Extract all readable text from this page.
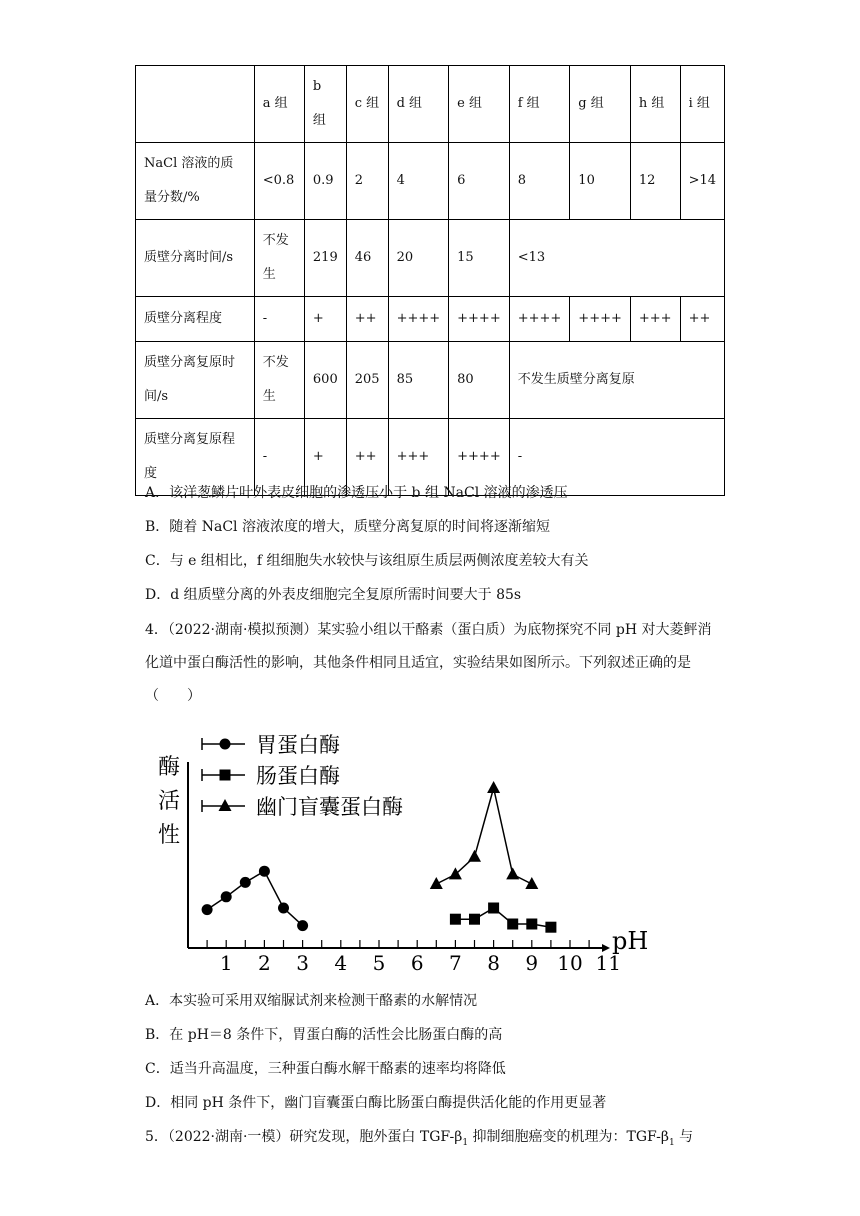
	a 组	b 组	c 组	d 组	e 组	f 组	g 组	h 组	i 组
NaCl 溶液的质量分数/%	<0.8	0.9	2	4	6	8	10	12	>14
质壁分离时间/s	不发生	219	46	20	15	<13			
质壁分离程度	-	+	++	++++	++++	++++	++++	+++	++
质壁分离复原时间/s	不发生	600	205	85	80	不发生质壁分离复原			
质壁分离复原程度	-	+	++	+++	++++	-			
A．该洋葱鳞片叶外表皮细胞的渗透压小于 b 组 NaCl 溶液的渗透压
B．随着 NaCl 溶液浓度的增大，质壁分离复原的时间将逐渐缩短
C．与 e 组相比，f 组细胞失水较快与该组原生质层两侧浓度差较大有关
D．d 组质壁分离的外表皮细胞完全复原所需时间要大于 85s
4．（2022·湖南·模拟预测）某实验小组以干酪素（蛋白质）为底物探究不同 pH 对大菱鲆消化道中蛋白酶活性的影响，其他条件相同且适宜，实验结果如图所示。下列叙述正确的是（　　）
1 2 3 4 5 6 7 8 9 10 11
pH
酶
活
性
胃蛋白酶
肠蛋白酶
幽门盲囊蛋白酶
A．本实验可采用双缩脲试剂来检测干酪素的水解情况
B．在 pH＝8 条件下，胃蛋白酶的活性会比肠蛋白酶的高
C．适当升高温度，三种蛋白酶水解干酪素的速率均将降低
D．相同 pH 条件下，幽门盲囊蛋白酶比肠蛋白酶提供活化能的作用更显著
5．（2022·湖南·一模）研究发现，胞外蛋白 TGF-$\beta_1$ 抑制细胞癌变的机理为：TGF-$\beta_1$ 与
